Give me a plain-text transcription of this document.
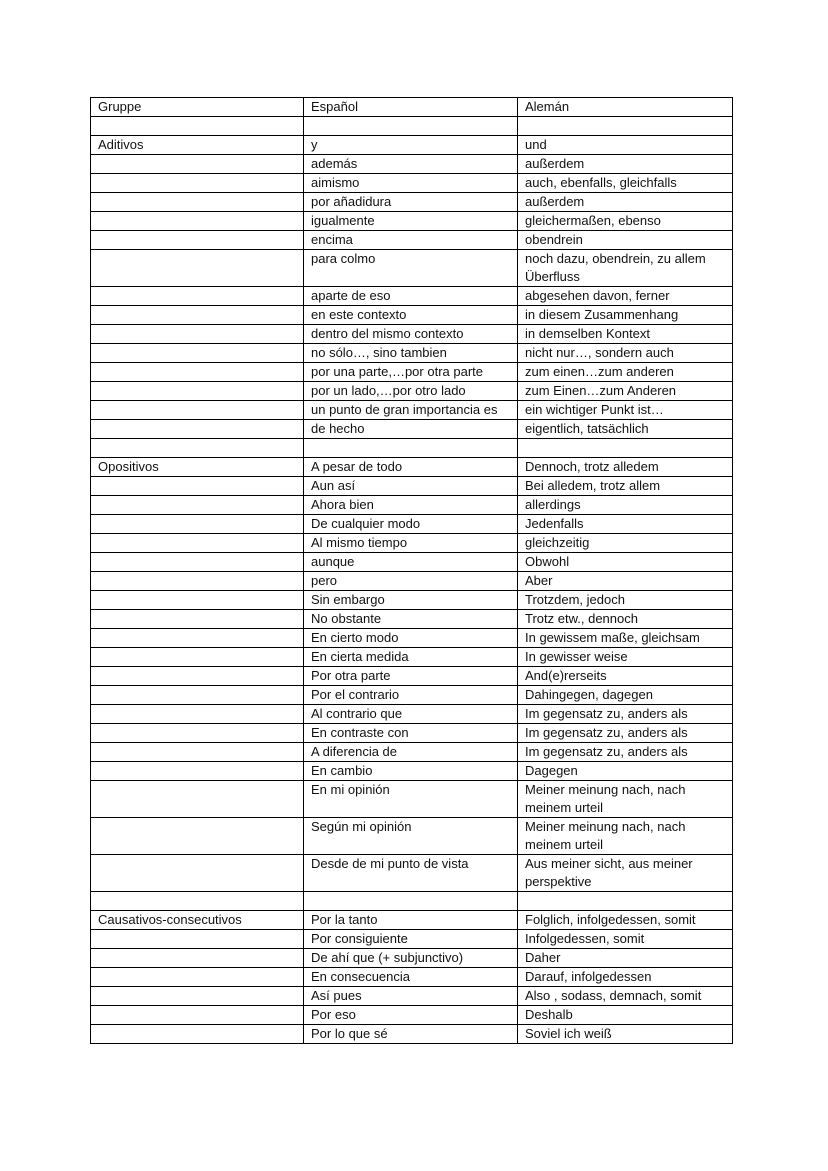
Gruppe	Español	Alemán

Aditivos	y	und
	además	außerdem
	aimismo	auch, ebenfalls, gleichfalls
	por añadidura	außerdem
	igualmente	gleichermaßen, ebenso
	encima	obendrein
	para colmo	noch dazu, obendrein, zu allem Überfluss
	aparte de eso	abgesehen davon, ferner
	en este contexto	in diesem Zusammenhang
	dentro del mismo contexto	in demselben Kontext
	no sólo…, sino tambien	nicht nur…, sondern auch
	por una parte,…por otra parte	zum einen…zum anderen
	por un lado,…por otro lado	zum Einen…zum Anderen
	un punto de gran importancia es	ein wichtiger Punkt ist…
	de hecho	eigentlich, tatsächlich

Opositivos	A pesar de todo	Dennoch, trotz alledem
	Aun así	Bei alledem, trotz allem
	Ahora bien	allerdings
	De cualquier modo	Jedenfalls
	Al mismo tiempo	gleichzeitig
	aunque	Obwohl
	pero	Aber
	Sin embargo	Trotzdem, jedoch
	No obstante	Trotz etw., dennoch
	En cierto modo	In gewissem maße, gleichsam
	En cierta medida	In gewisser weise
	Por otra parte	And(e)rerseits
	Por el contrario	Dahingegen, dagegen
	Al contrario que	Im gegensatz zu, anders als
	En contraste con	Im gegensatz zu, anders als
	A diferencia de	Im gegensatz zu, anders als
	En cambio	Dagegen
	En mi opinión	Meiner meinung nach, nach meinem urteil
	Según mi opinión	Meiner meinung nach, nach meinem urteil
	Desde de mi punto de vista	Aus meiner sicht, aus meiner perspektive

Causativos-consecutivos	Por la tanto	Folglich, infolgedessen, somit
	Por consiguiente	Infolgedessen, somit
	De ahí que (+ subjunctivo)	Daher
	En consecuencia	Darauf, infolgedessen
	Así pues	Also , sodass, demnach, somit
	Por eso	Deshalb
	Por lo que sé	Soviel ich weiß
